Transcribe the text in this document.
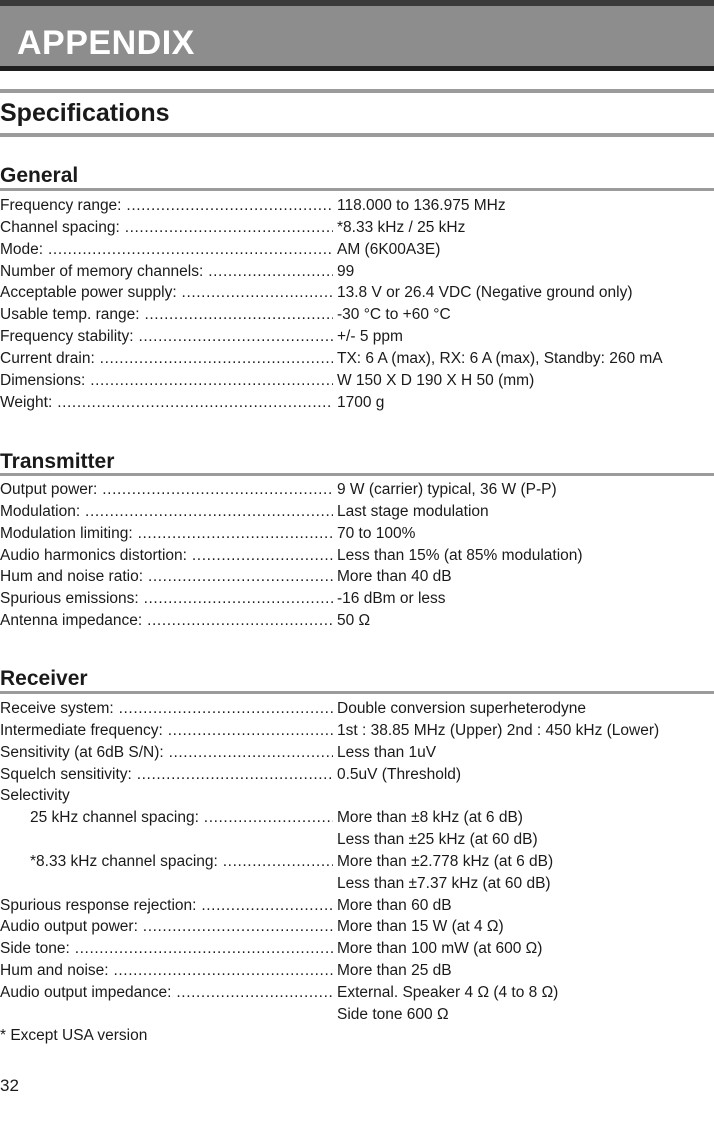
APPENDIX
Specifications
General
Frequency range: .....	118.000 to 136.975 MHz
Channel spacing: .....	*8.33 kHz / 25 kHz
Mode: .....	AM (6K00A3E)
Number of memory channels: .....	99
Acceptable power supply: .....	13.8 V or 26.4 VDC (Negative ground only)
Usable temp. range: .....	-30 °C to +60 °C
Frequency stability: .....	+/- 5 ppm
Current drain: .....	TX: 6 A (max), RX: 6 A (max), Standby: 260 mA
Dimensions: .....	W 150 X D 190 X H 50 (mm)
Weight: .....	1700 g
Transmitter
Output power: .....	9 W (carrier) typical, 36 W (P-P)
Modulation: .....	Last stage modulation
Modulation limiting: .....	70 to 100%
Audio harmonics distortion: .....	Less than 15% (at 85% modulation)
Hum and noise ratio: .....	More than 40 dB
Spurious emissions: .....	-16 dBm or less
Antenna impedance: .....	50 Ω
Receiver
Receive system: .....	Double conversion superheterodyne
Intermediate frequency: .....	1st : 38.85 MHz (Upper) 2nd : 450 kHz (Lower)
Sensitivity (at 6dB S/N): .....	Less than 1uV
Squelch sensitivity: .....	0.5uV (Threshold)
Selectivity
25 kHz channel spacing: .....	More than ±8 kHz (at 6 dB)
Less than ±25 kHz (at 60 dB)
*8.33 kHz channel spacing: .....	More than ±2.778 kHz (at 6 dB)
Less than ±7.37 kHz (at 60 dB)
Spurious response rejection: .....	More than 60 dB
Audio output power: .....	More than 15 W (at 4 Ω)
Side tone: .....	More than 100 mW (at 600 Ω)
Hum and noise: .....	More than 25 dB
Audio output impedance: .....	External. Speaker 4 Ω (4 to 8 Ω)
Side tone 600 Ω

* Except USA version

32
